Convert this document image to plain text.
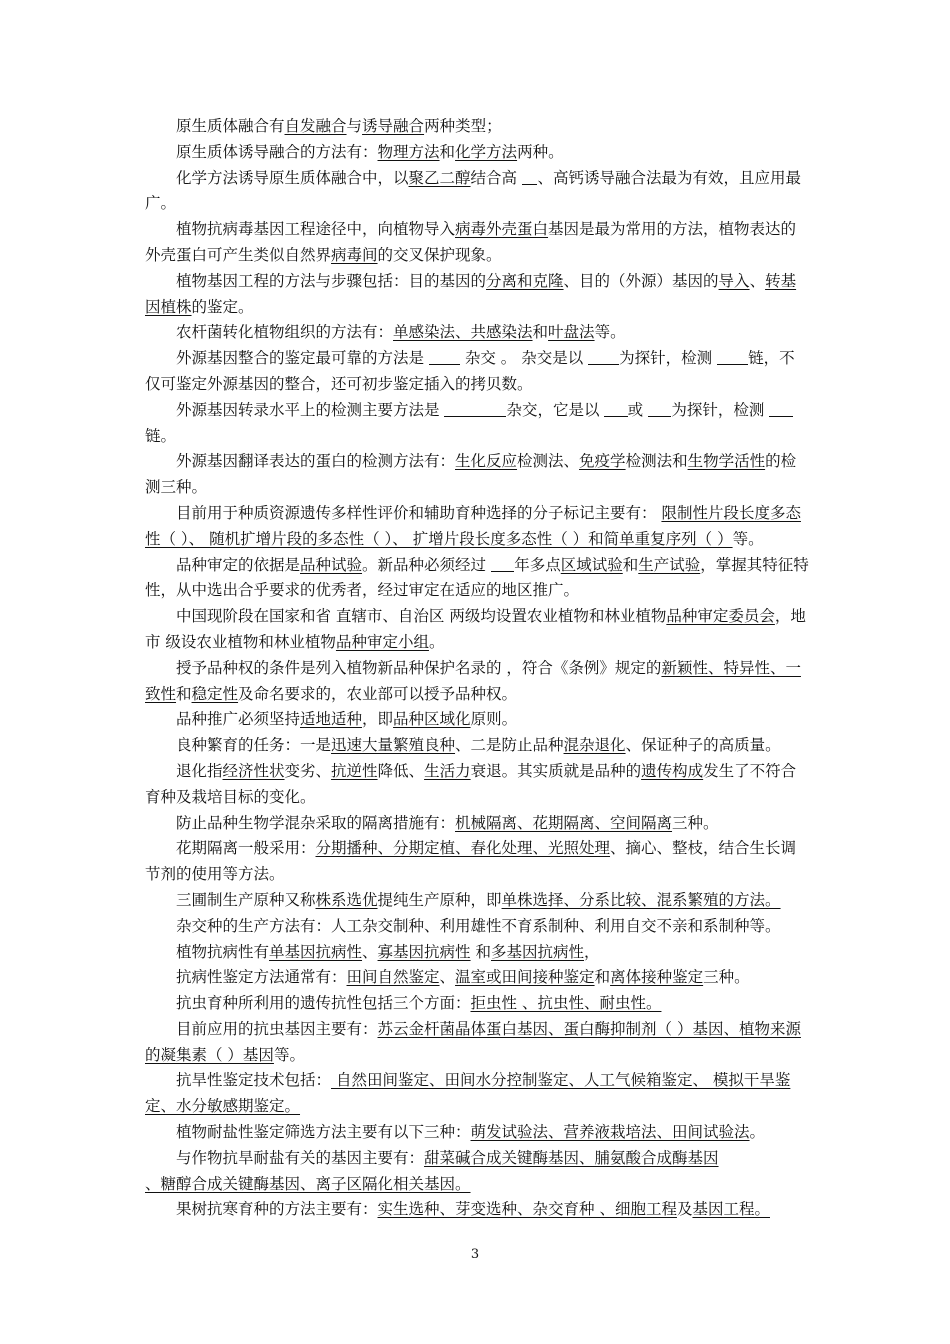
原生质体融合有自发融合与诱导融合两种类型；

原生质体诱导融合的方法有：物理方法和化学方法两种。

化学方法诱导原生质体融合中，以聚乙二醇结合高 、高钙诱导融合法最为有效，且应用最广。

植物抗病毒基因工程途径中，向植物导入病毒外壳蛋白基因是最为常用的方法，植物表达的外壳蛋白可产生类似自然界病毒间的交叉保护现象。

植物基因工程的方法与步骤包括：目的基因的分离和克隆、目的（外源）基因的导入、转基因植株的鉴定。

农杆菌转化植物组织的方法有：单感染法、共感染法和叶盘法等。

外源基因整合的鉴定最可靠的方法是  杂交 。 杂交是以 为探针，检测 链，不仅可鉴定外源基因的整合，还可初步鉴定插入的拷贝数。

外源基因转录水平上的检测主要方法是	杂交，它是以 或 为探针，检测 链。

外源基因翻译表达的蛋白的检测方法有：生化反应检测法、免疫学检测法和生物学活性的检测三种。

目前用于种质资源遗传多样性评价和辅助育种选择的分子标记主要有： 限制性片段长度多态性（ ）、 随机扩增片段的多态性（ ）、 扩增片段长度多态性（ ）和简单重复序列（ ）等。

品种审定的依据是品种试验。新品种必须经过 年多点区域试验和生产试验，掌握其特征特性，从中选出合乎要求的优秀者，经过审定在适应的地区推广。

中国现阶段在国家和省 直辖市、自治区 两级均设置农业植物和林业植物品种审定委员会，地 市 级设农业植物和林业植物品种审定小组。

授予品种权的条件是列入植物新品种保护名录的 ，符合《条例》规定的新颖性、特异性、一致性和稳定性及命名要求的，农业部可以授予品种权。

品种推广必须坚持适地适种，即品种区域化原则。

良种繁育的任务：一是迅速大量繁殖良种、二是防止品种混杂退化、保证种子的高质量。

退化指经济性状变劣、抗逆性降低、生活力衰退。其实质就是品种的遗传构成发生了不符合育种及栽培目标的变化。

防止品种生物学混杂采取的隔离措施有：机械隔离、花期隔离、空间隔离三种。

花期隔离一般采用：分期播种、分期定植、春化处理、光照处理、摘心、整枝，结合生长调节剂的使用等方法。

三圃制生产原种又称株系选优提纯生产原种，即单株选择、分系比较、混系繁殖的方法。

杂交种的生产方法有：人工杂交制种、利用雄性不育系制种、利用自交不亲和系制种等。

植物抗病性有单基因抗病性、寡基因抗病性 和多基因抗病性，

抗病性鉴定方法通常有：田间自然鉴定、温室或田间接种鉴定和离体接种鉴定三种。

抗虫育种所利用的遗传抗性包括三个方面：拒虫性 、抗虫性、耐虫性。

目前应用的抗虫基因主要有：苏云金杆菌晶体蛋白基因、蛋白酶抑制剂（ ）基因、植物来源的凝集素（ ）基因等。

抗旱性鉴定技术包括： 自然田间鉴定、田间水分控制鉴定、人工气候箱鉴定、 模拟干旱鉴定、水分敏感期鉴定。

植物耐盐性鉴定筛选方法主要有以下三种：萌发试验法、营养液栽培法、田间试验法。

与作物抗旱耐盐有关的基因主要有：甜菜碱合成关键酶基因、脯氨酸合成酶基因

、糖醇合成关键酶基因、离子区隔化相关基因。

果树抗寒育种的方法主要有：实生选种、芽变选种、杂交育种 、细胞工程及基因工程。

3
